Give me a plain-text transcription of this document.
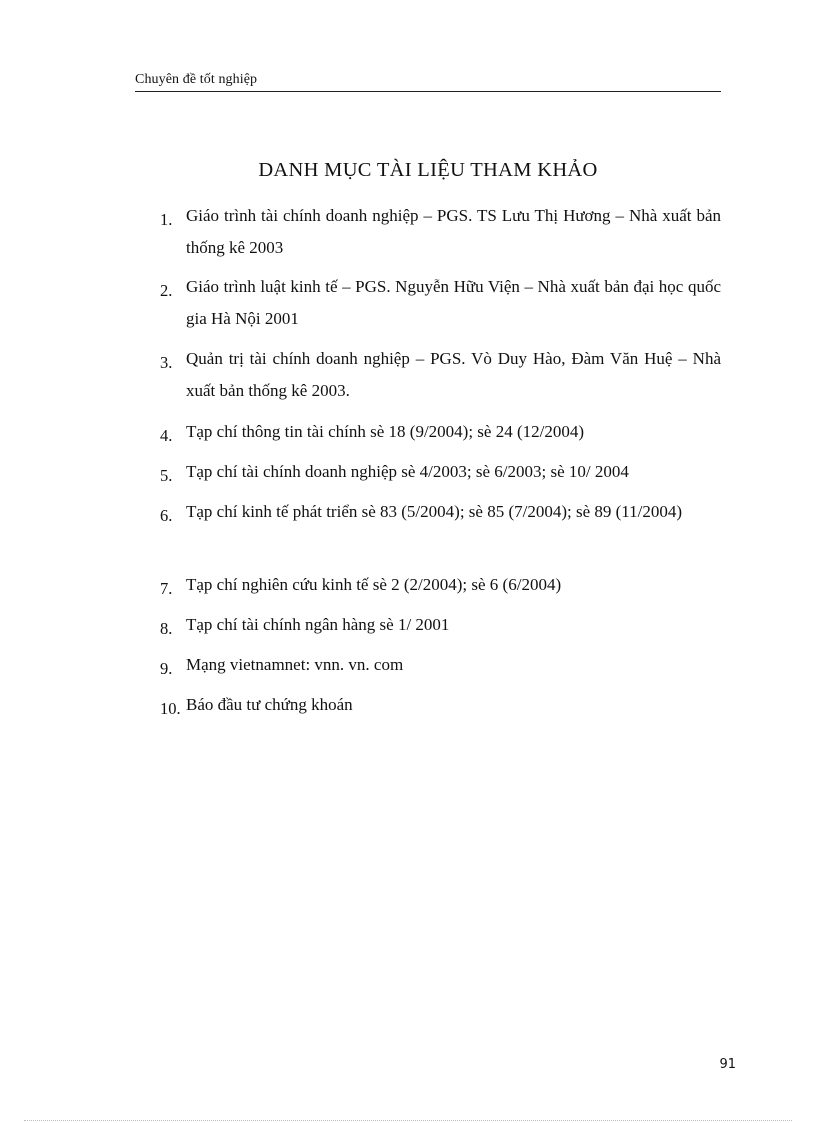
Chuyên đề tốt nghiệp
DANH MỤC TÀI LIỆU THAM KHẢO
1. Giáo trình tài chính doanh nghiệp – PGS. TS Lưu Thị Hương – Nhà xuất bản thống kê 2003
2. Giáo trình luật kinh tế – PGS. Nguyễn Hữu Viện – Nhà xuất bản đại học quốc gia Hà Nội 2001
3. Quản trị tài chính doanh nghiệp – PGS. Vò Duy Hào, Đàm Văn Huệ – Nhà xuất bản thống kê 2003.
4. Tạp chí thông tin tài chính sè 18 (9/2004); sè 24 (12/2004)
5. Tạp chí tài chính doanh nghiệp sè 4/2003; sè 6/2003; sè 10/ 2004
6. Tạp chí kinh tế phát triển sè 83 (5/2004); sè 85 (7/2004); sè 89 (11/2004)
7. Tạp chí nghiên cứu kinh tế sè 2 (2/2004); sè 6 (6/2004)
8. Tạp chí tài chính ngân hàng sè 1/ 2001
9. Mạng vietnamnet: vnn. vn. com
10. Báo đầu tư chứng khoán
91
